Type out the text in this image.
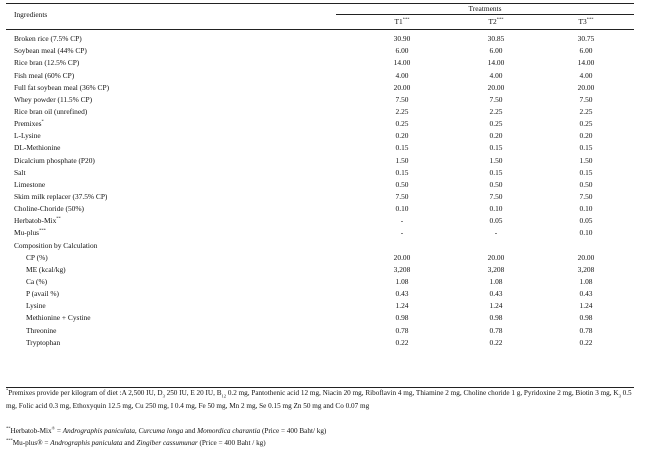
Ingredients
Treatments
T1***	T2***	T3***
Broken rice (7.5% CP)	30.90	30.85	30.75
Soybean meal (44% CP)	6.00	6.00	6.00
Rice bran (12.5% CP)	14.00	14.00	14.00
Fish meal (60% CP)	4.00	4.00	4.00
Full fat soybean meal (36% CP)	20.00	20.00	20.00
Whey powder (11.5% CP)	7.50	7.50	7.50
Rice bran oil (unrefined)	2.25	2.25	2.25
Premixes*	0.25	0.25	0.25
L-Lysine	0.20	0.20	0.20
DL-Methionine	0.15	0.15	0.15
Dicalcium phosphate (P20)	1.50	1.50	1.50
Salt	0.15	0.15	0.15
Limestone	0.50	0.50	0.50
Skim milk replacer (37.5% CP)	7.50	7.50	7.50
Choline-Choride (50%)	0.10	0.10	0.10
Herbatob-Mix**	-	0.05	0.05
Mu-plus***	-	-	0.10
Composition by Calculation
CP (%)	20.00	20.00	20.00
ME (kcal/kg)	3,208	3,208	3,208
Ca (%)	1.08	1.08	1.08
P (avail %)	0.43	0.43	0.43
Lysine	1.24	1.24	1.24
Methionine + Cystine	0.98	0.98	0.98
Threonine	0.78	0.78	0.78
Tryptophan	0.22	0.22	0.22
*Premixes provide per kilogram of diet :A 2,500 IU, $D_3$ 250 IU, E 20 IU, $B_{12}$ 0.2 mg, Pantothenic acid 12 mg, Niacin 20 mg, Riboflavin 4 mg, Thiamine 2 mg, Choline choride 1 g, Pyridoxine 2 mg, Biotin 3 mg, $K_3$ 0.5 mg, Folic acid 0.3 mg, Ethoxyquin 12.5 mg, Cu 250 mg, I 0.4 mg, Fe 50 mg, Mn 2 mg, Se 0.15 mg Zn 50 mg and Co 0.07 mg
**Herbatob-Mix® = Andrographis paniculata, Curcuma longa and Momordica charantia (Price = 400 Baht/ kg)
***Mu-plus® = Andrographis paniculata and Zingiber cassumunar (Price = 400 Baht / kg)
